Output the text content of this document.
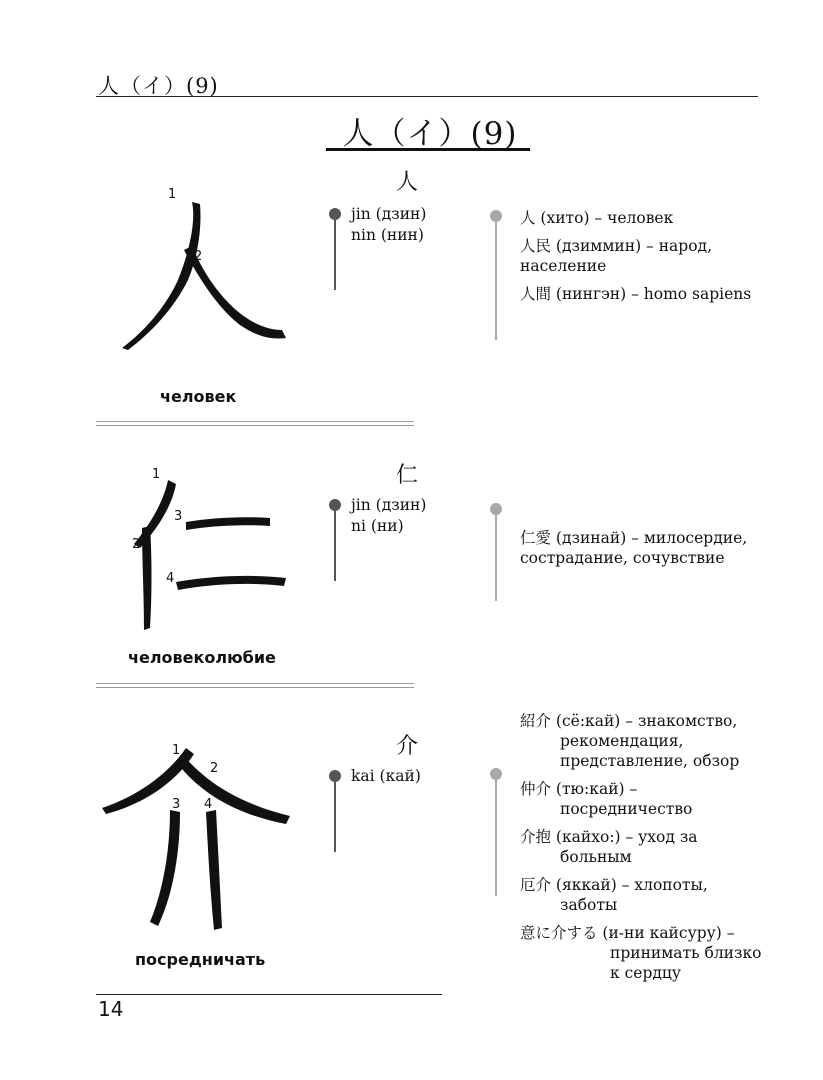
人（イ）(9)
人（イ）(9)
1
2
человек
人
jin (дзин)
nin (нин)
人 (хито) – человек
人民 (дзиммин) – народ,
население
人間 (нингэн) – homo sapiens
1
2
3
4
человеколюбие
仁
jin (дзин)
ni (ни)
仁愛 (дзинай) – милосердие,
сострадание, сочувствие
1
2
3 4
посредничать
介
kai (кай)
紹介 (сё:кай) – знакомство,
рекомендация,
представление, обзор
仲介 (тю:кай) –
посредничество
介抱 (кайхо:) – уход за
больным
厄介 (яккай) – хлопоты,
заботы
意に介する (и-ни кайсуру) –
принимать близко
к сердцу
14
